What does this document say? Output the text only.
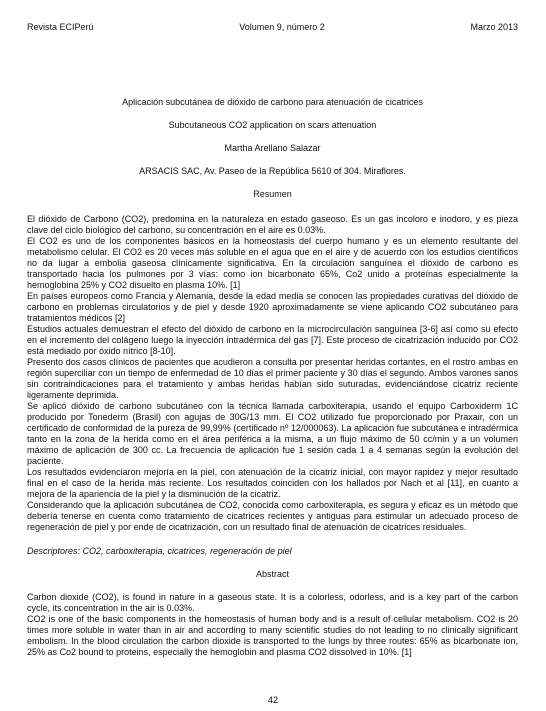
Revista ECIPerú	Volumen 9, número 2	Marzo 2013
Aplicación subcutánea de dióxido de carbono para atenuación de cicatrices
Subcutaneous CO2 application on scars attenuation
Martha Arellano Salazar
ARSACIS SAC, Av. Paseo de la República 5610 of 304. Miraflores.
Resumen

El dióxido de Carbono (CO2), predomina en la naturaleza en estado gaseoso. Es un gas incoloro e inodoro, y es pieza clave del ciclo biológico del carbono, su concentración en el aire es 0.03%.

El CO2 es uno de los componentes básicos en la homeostasis del cuerpo humano y es un elemento resultante del metabolismo celular. El CO2 es 20 veces más soluble en el agua que en el aire y de acuerdo con los estudios científicos no da lugar a embolia gaseosa clínicamente significativa. En la circulación sanguínea el dióxido de carbono es transportado hacia los pulmones por 3 vías: como ion bicarbonato 65%, Co2 unido a proteínas especialmente la hemoglobina 25% y CO2 disuelto en plasma 10%. [1]

En países europeos como Francia y Alemania, desde la edad media se conocen las propiedades curativas del dióxido de carbono en problemas circulatorios y de piel y desde 1920 aproximadamente se viene aplicando CO2 subcutáneo para tratamientos médicos [2]

Estudios actuales demuestran el efecto del dióxido de carbono en la microcirculación sanguínea [3-6] así como su efecto en el incremento del colágeno luego la inyección intradérmica del gas [7]. Este proceso de cicatrización inducido por CO2 está mediado por óxido nítrico [8-10].

Presento dos casos clínicos de pacientes que acudieron a consulta por presentar heridas cortantes, en el rostro ambas en región superciliar con un tiempo de enfermedad de 10 días el primer paciente y 30 días el segundo. Ambos varones sanos sin contraindicaciones para el tratamiento y ambas heridas habían sido suturadas, evidenciándose cicatriz reciente ligeramente deprimida.

Se aplicó dióxido de carbono subcutáneo con la técnica llamada carboxiterapia, usando el equipo Carboxiderm 1C producido por Tonederm (Brasil) con agujas de 30G/13 mm. El CO2 utilizado fue proporcionado por Praxair, con un certificado de conformidad de la pureza de 99,99% (certificado nº 12/000063). La aplicación fue subcutánea e intradérmica tanto en la zona de la herida como en el área periférica a la misma, a un flujo máximo de 50 cc/min y a un volumen máximo de aplicación de 300 cc. La frecuencia de aplicación fue 1 sesión cada 1 a 4 semanas según la evolución del paciente.

Los resultados evidenciaron mejoría en la piel, con atenuación de la cicatriz inicial, con mayor rapidez y mejor resultado final en el caso de la herida más reciente. Los resultados coinciden con los hallados por Nach et al [11], en cuanto a mejora de la apariencia de la piel y la disminución de la cicatriz.

Considerando que la aplicación subcutánea de CO2, conocida como carboxiterapia, es segura y eficaz es un método que debería tenerse en cuenta como tratamiento de cicatrices recientes y antiguas para estimular un adecuado proceso de regeneración de piel y por ende de cicatrización, con un resultado final de atenuación de cicatrices residuales.

Descriptores: CO2, carboxiterapia, cicatrices, regeneración de piel
Abstract

Carbon dioxide (CO2), is found in nature in a gaseous state. It is a colorless, odorless, and is a key part of the carbon cycle, its concentration in the air is 0.03%.

CO2 is one of the basic components in the homeostasis of human body and is a result of cellular metabolism. CO2 is 20 times more soluble in water than in air and according to many scientific studies do not leading to no clinically significant embolism. In the blood circulation the carbon dioxide is transported to the lungs by three routes: 65% as bicarbonate ion, 25% as Co2 bound to proteins, especially the hemoglobin and plasma CO2 dissolved in 10%. [1]

42
